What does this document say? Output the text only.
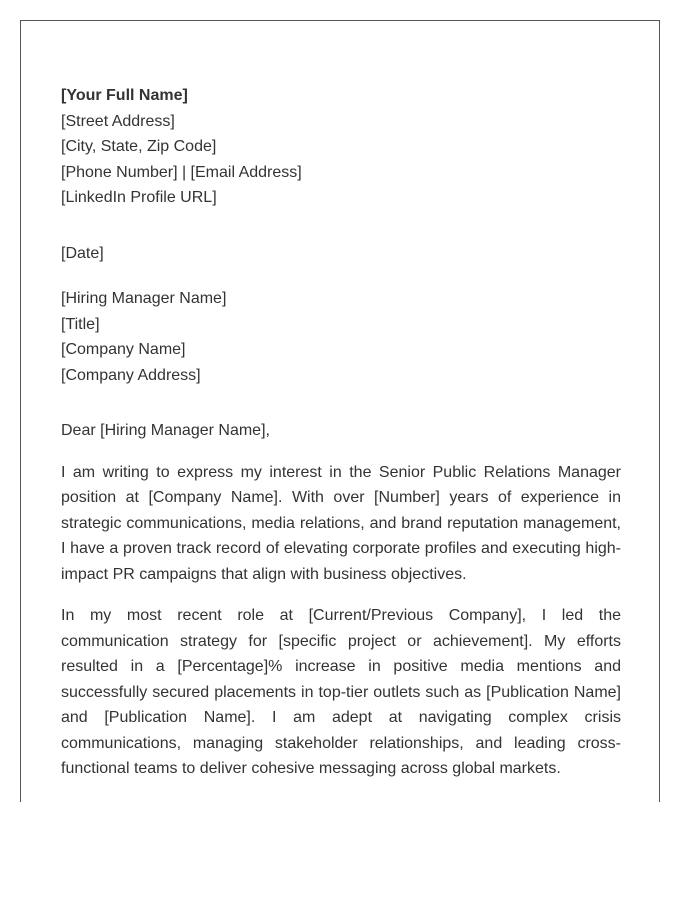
[Your Full Name]
[Street Address]
[City, State, Zip Code]
[Phone Number] | [Email Address]
[LinkedIn Profile URL]
[Date]
[Hiring Manager Name]
[Title]
[Company Name]
[Company Address]
Dear [Hiring Manager Name],

I am writing to express my interest in the Senior Public Relations Manager position at [Company Name]. With over [Number] years of experience in strategic communications, media relations, and brand reputation management, I have a proven track record of elevating corporate profiles and executing high-impact PR campaigns that align with business objectives.

In my most recent role at [Current/Previous Company], I led the communication strategy for [specific project or achievement]. My efforts resulted in a [Percentage]% increase in positive media mentions and successfully secured placements in top-tier outlets such as [Publication Name] and [Publication Name]. I am adept at navigating complex crisis communications, managing stakeholder relationships, and leading cross-functional teams to deliver cohesive messaging across global markets.
